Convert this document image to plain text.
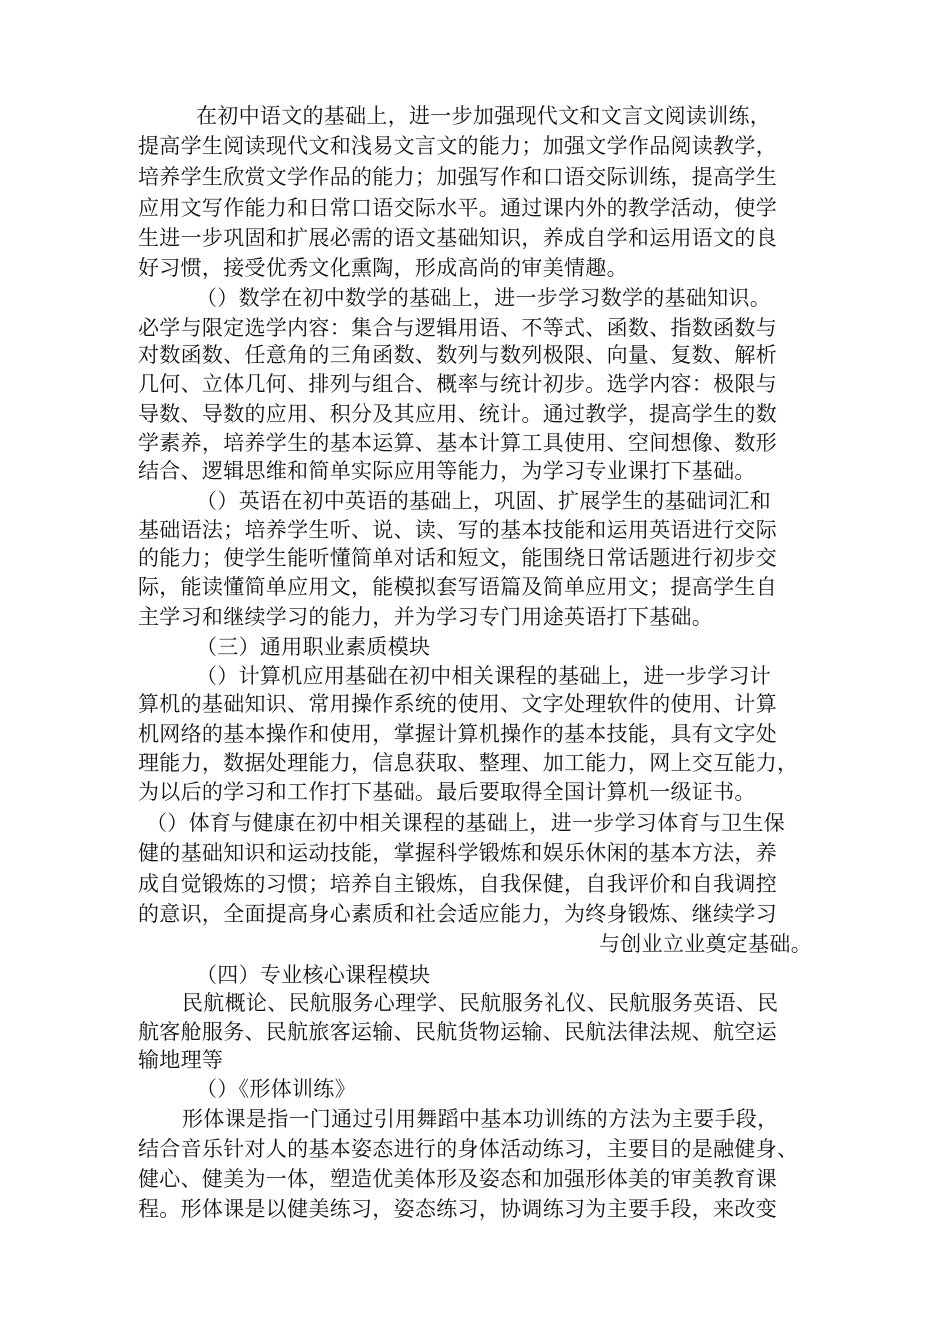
在初中语文的基础上，进一步加强现代文和文言文阅读训练，
提高学生阅读现代文和浅易文言文的能力；加强文学作品阅读教学，
培养学生欣赏文学作品的能力；加强写作和口语交际训练，提高学生
应用文写作能力和日常口语交际水平。通过课内外的教学活动，使学
生进一步巩固和扩展必需的语文基础知识，养成自学和运用语文的良
好习惯，接受优秀文化熏陶，形成高尚的审美情趣。
（）数学在初中数学的基础上，进一步学习数学的基础知识。
必学与限定选学内容：集合与逻辑用语、不等式、函数、指数函数与
对数函数、任意角的三角函数、数列与数列极限、向量、复数、解析
几何、立体几何、排列与组合、概率与统计初步。选学内容：极限与
导数、导数的应用、积分及其应用、统计。通过教学，提高学生的数
学素养，培养学生的基本运算、基本计算工具使用、空间想像、数形
结合、逻辑思维和简单实际应用等能力，为学习专业课打下基础。
（）英语在初中英语的基础上，巩固、扩展学生的基础词汇和
基础语法；培养学生听、说、读、写的基本技能和运用英语进行交际
的能力；使学生能听懂简单对话和短文，能围绕日常话题进行初步交
际，能读懂简单应用文，能模拟套写语篇及简单应用文；提高学生自
主学习和继续学习的能力，并为学习专门用途英语打下基础。
（三）通用职业素质模块
（）计算机应用基础在初中相关课程的基础上，进一步学习计
算机的基础知识、常用操作系统的使用、文字处理软件的使用、计算
机网络的基本操作和使用，掌握计算机操作的基本技能，具有文字处
理能力，数据处理能力，信息获取、整理、加工能力，网上交互能力，
为以后的学习和工作打下基础。最后要取得全国计算机一级证书。
（）体育与健康在初中相关课程的基础上，进一步学习体育与卫生保
健的基础知识和运动技能，掌握科学锻炼和娱乐休闲的基本方法，养
成自觉锻炼的习惯；培养自主锻炼，自我保健，自我评价和自我调控
的意识，全面提高身心素质和社会适应能力，为终身锻炼、继续学习
与创业立业奠定基础。
（四）专业核心课程模块
民航概论、民航服务心理学、民航服务礼仪、民航服务英语、民
航客舱服务、民航旅客运输、民航货物运输、民航法律法规、航空运
输地理等
（）《形体训练》
形体课是指一门通过引用舞蹈中基本功训练的方法为主要手段，
结合音乐针对人的基本姿态进行的身体活动练习，主要目的是融健身、
健心、健美为一体，塑造优美体形及姿态和加强形体美的审美教育课
程。形体课是以健美练习，姿态练习，协调练习为主要手段，来改变
